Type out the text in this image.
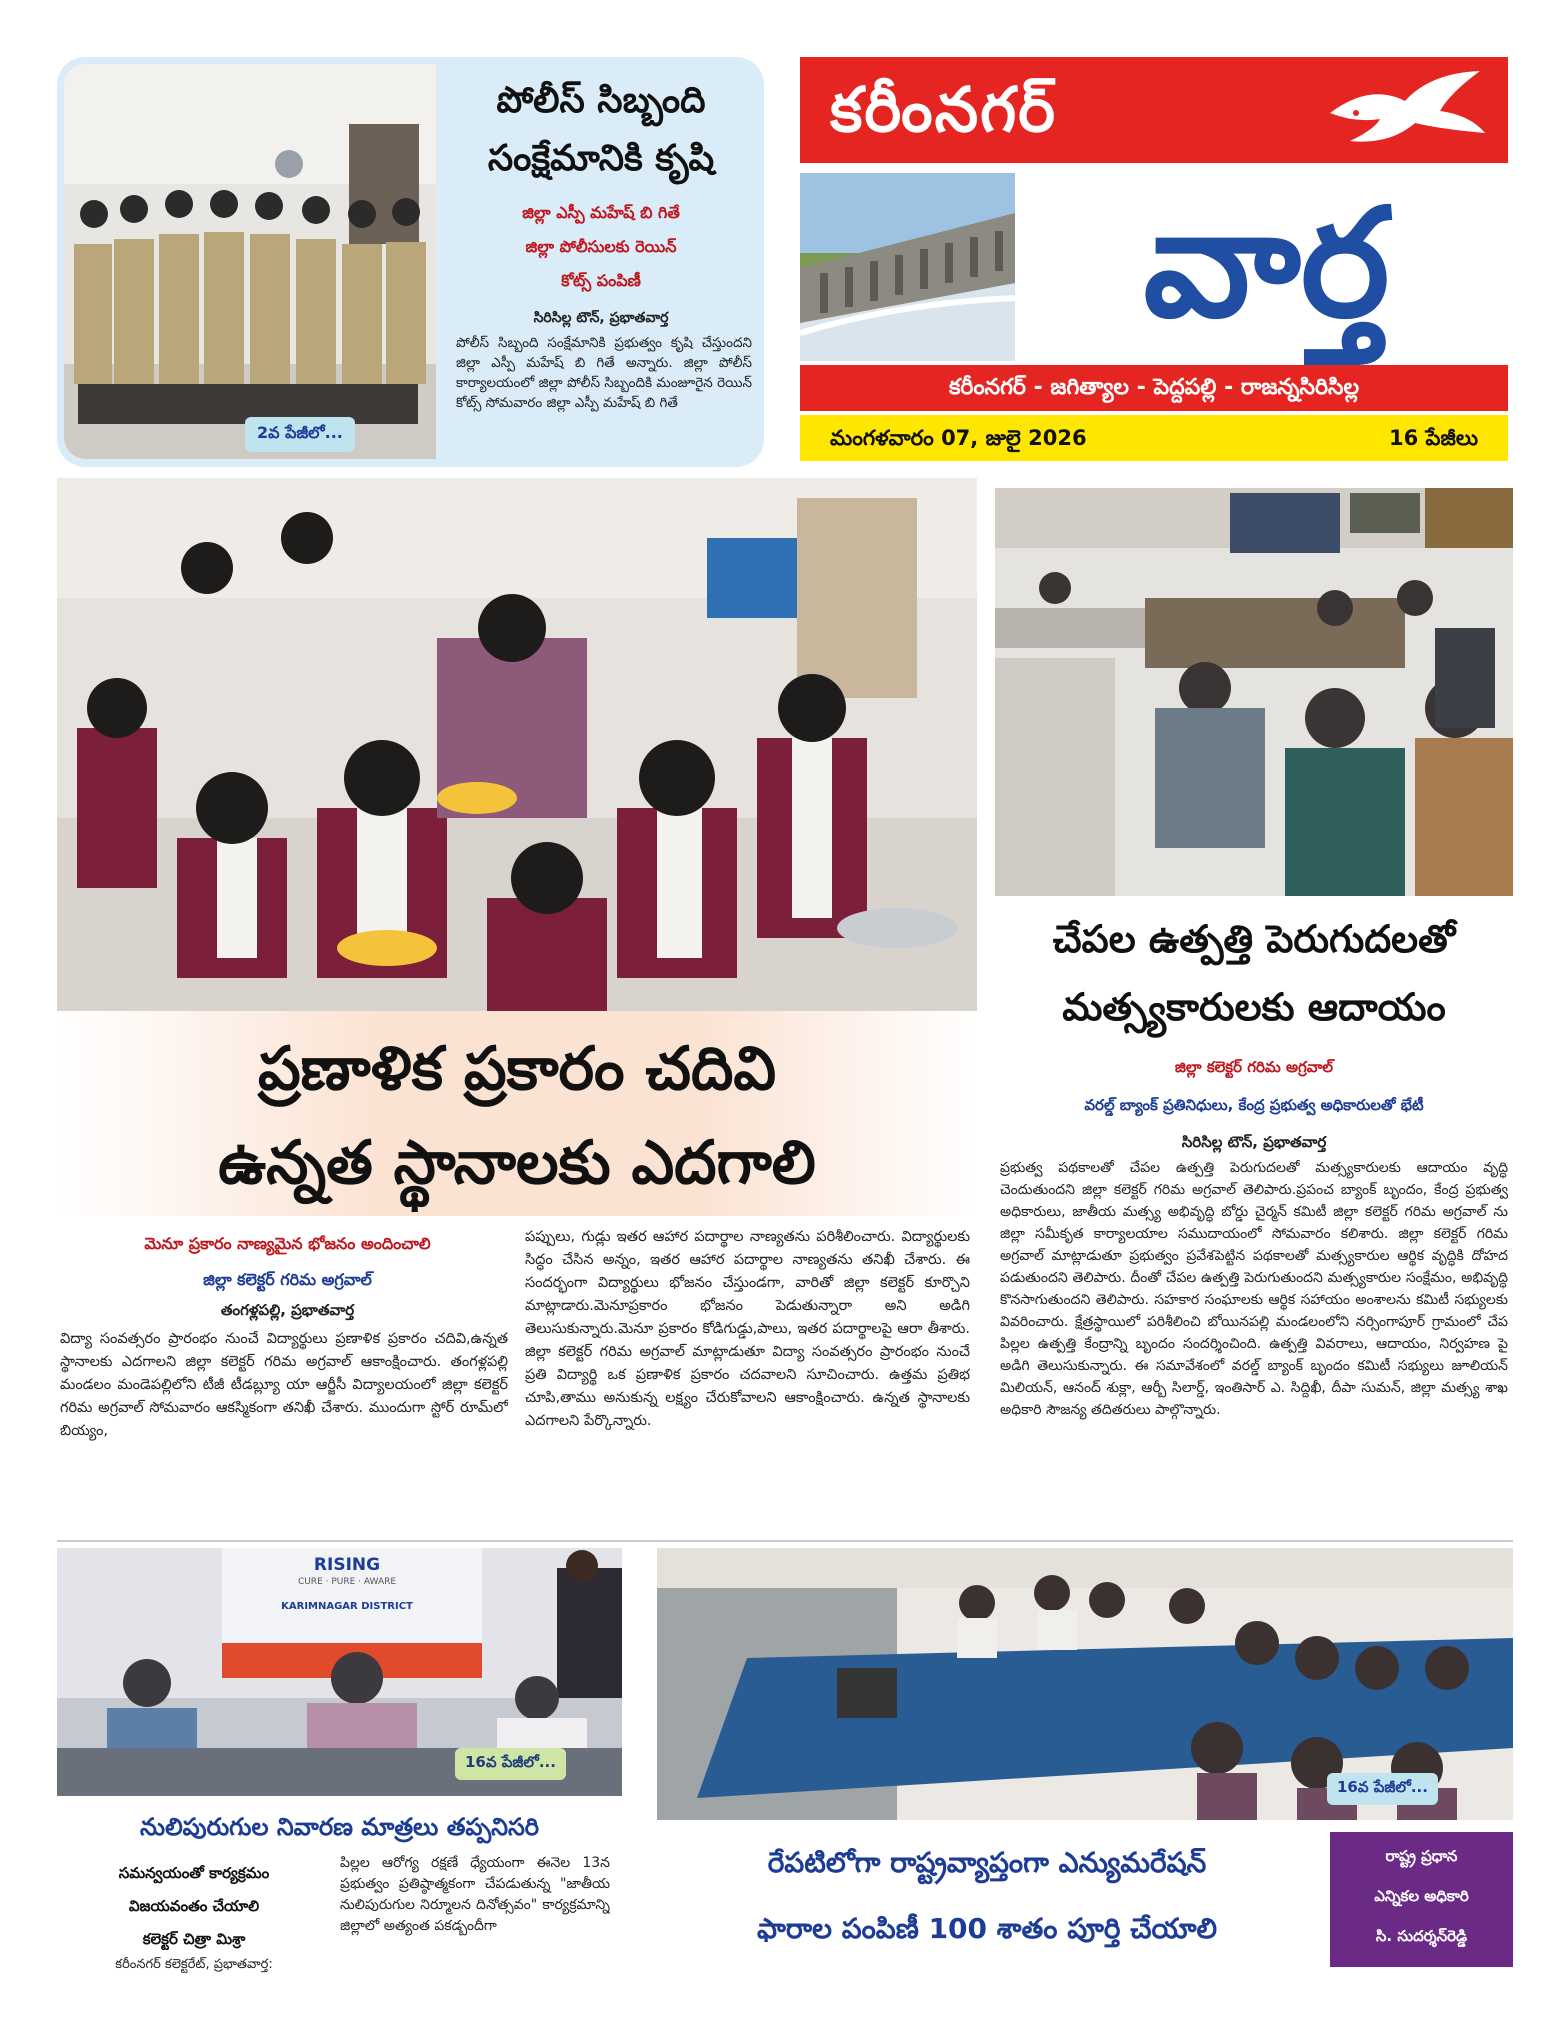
2వ పేజీలో...
పోలీస్ సిబ్బంది
సంక్షేమానికి కృషి
జిల్లా ఎస్పీ మహేష్ బి గితే
జిల్లా పోలీసులకు రెయిన్
కోట్స్ పంపిణీ
సిరిసిల్ల టౌన్, ప్రభాతవార్త
పోలీస్ సిబ్బంది సంక్షేమానికి ప్రభుత్వం కృషి చేస్తుందని జిల్లా ఎస్పీ మహేష్ బి గితే అన్నారు. జిల్లా పోలీస్ కార్యాలయంలో జిల్లా పోలీస్ సిబ్బందికి మంజూరైన రెయిన్ కోట్స్ సోమవారం జిల్లా ఎస్పీ మహేష్ బి గితే
కరీంనగర్
వార్త
కరీంనగర్ - జగిత్యాల - పెద్దపల్లి - రాజన్నసిరిసిల్ల
మంగళవారం 07, జులై 2026	16 పేజీలు
ప్రణాళిక ప్రకారం చదివి
ఉన్నత స్థానాలకు ఎదగాలి
మెనూ ప్రకారం నాణ్యమైన భోజనం అందించాలి
జిల్లా కలెక్టర్ గరిమ అగ్రవాల్
తంగళ్లపల్లి, ప్రభాతవార్త
విద్యా సంవత్సరం ప్రారంభం నుంచే విద్యార్థులు ప్రణాళిక ప్రకారం చదివి,ఉన్నత స్థానాలకు ఎదగాలని జిల్లా కలెక్టర్ గరిమ అగ్రవాల్ ఆకాంక్షించారు. తంగళ్లపల్లి మండలం మండెపల్లిలోని టీజీ టీడబ్ల్యూ యా ఆర్జీసీ విద్యాలయంలో జిల్లా కలెక్టర్ గరిమ అగ్రవాల్ సోమవారం ఆకస్మికంగా తనిఖీ చేశారు. ముందుగా స్టోర్ రూమ్‌లో బియ్యం,
పప్పులు, గుడ్లు ఇతర ఆహార పదార్థాల నాణ్యతను పరిశీలించారు. విద్యార్థులకు సిద్ధం చేసిన అన్నం, ఇతర ఆహార పదార్థాల నాణ్యతను తనిఖీ చేశారు. ఈ సందర్భంగా విద్యార్థులు భోజనం చేస్తుండగా, వారితో జిల్లా కలెక్టర్ కూర్చొని మాట్లాడారు.మెనూప్రకారం భోజనం పెడుతున్నారా అని అడిగి తెలుసుకున్నారు.మెనూ ప్రకారం కోడిగుడ్డు,పాలు, ఇతర పదార్థాలపై ఆరా తీశారు. జిల్లా కలెక్టర్ గరిమ అగ్రవాల్ మాట్లాడుతూ విద్యా సంవత్సరం ప్రారంభం నుంచే ప్రతి విద్యార్థి ఒక ప్రణాళిక ప్రకారం చదవాలని సూచించారు. ఉత్తమ ప్రతిభ చూపి,తాము అనుకున్న లక్ష్యం చేరుకోవాలని ఆకాంక్షించారు. ఉన్నత స్థానాలకు ఎదగాలని పేర్కొన్నారు.
చేపల ఉత్పత్తి పెరుగుదలతో
మత్స్యకారులకు ఆదాయం
జిల్లా కలెక్టర్ గరిమ అగ్రవాల్
వరల్డ్ బ్యాంక్ ప్రతినిధులు, కేంద్ర ప్రభుత్వ అధికారులతో భేటీ
సిరిసిల్ల టౌన్, ప్రభాతవార్త
ప్రభుత్వ పథకాలతో చేపల ఉత్పత్తి పెరుగుదలతో మత్స్యకారులకు ఆదాయం వృద్ధి చెందుతుందని జిల్లా కలెక్టర్ గరిమ అగ్రవాల్ తెలిపారు.ప్రపంచ బ్యాంక్ బృందం, కేంద్ర ప్రభుత్వ అధికారులు, జాతీయ మత్స్య అభివృద్ధి బోర్డు చైర్మన్ కమిటీ జిల్లా కలెక్టర్ గరిమ అగ్రవాల్ ను జిల్లా సమీకృత కార్యాలయాల సముదాయంలో సోమవారం కలిశారు. జిల్లా కలెక్టర్ గరిమ అగ్రవాల్ మాట్లాడుతూ ప్రభుత్వం ప్రవేశపెట్టిన పథకాలతో మత్స్యకారుల ఆర్థిక వృద్ధికి దోహద పడుతుందని తెలిపారు. దీంతో చేపల ఉత్పత్తి పెరుగుతుందని మత్స్యకారుల సంక్షేమం, అభివృద్ధి కొనసాగుతుందని తెలిపారు. సహకార సంఘాలకు ఆర్థిక సహాయం అంశాలను కమిటీ సభ్యులకు వివరించారు. క్షేత్రస్థాయిలో పరిశీలించి బోయినపల్లి మండలంలోని నర్సింగాపూర్ గ్రామంలో చేప పిల్లల ఉత్పత్తి కేంద్రాన్ని బృందం సందర్శించింది. ఉత్పత్తి వివరాలు, ఆదాయం, నిర్వహణ పై అడిగి తెలుసుకున్నారు. ఈ సమావేశంలో వరల్డ్ బ్యాంక్ బృందం కమిటీ సభ్యులు జూలియన్ మిలియన్, ఆనంద్ శుక్లా, ఆర్బీ సిలార్డ్, ఇంతిసార్ ఎ. సిద్దిఖీ, దీపా సుమన్, జిల్లా మత్స్య శాఖ అధికారి సౌజన్య తదితరులు పాల్గొన్నారు.
RISING
CURE · PURE · AWARE
KARIMNAGAR DISTRICT
16వ పేజీలో...
నులిపురుగుల నివారణ మాత్రలు తప్పనిసరి
సమన్వయంతో కార్యక్రమం
విజయవంతం చేయాలి
కలెక్టర్ చిత్రా మిశ్రా
కరీంనగర్ కలెక్టరేట్, ప్రభాతవార్త:
పిల్లల ఆరోగ్య రక్షణే ధ్యేయంగా ఈనెల 13న ప్రభుత్వం ప్రతిష్ఠాత్మకంగా చేపడుతున్న "జాతీయ నులిపురుగుల నిర్మూలన దినోత్సవం" కార్యక్రమాన్ని జిల్లాలో అత్యంత పకడ్బందీగా
16వ పేజీలో...
రేపటిలోగా రాష్ట్రవ్యాప్తంగా ఎన్యుమరేషన్
ఫారాల పంపిణీ 100 శాతం పూర్తి చేయాలి
రాష్ట్ర ప్రధాన
ఎన్నికల అధికారి
సి. సుదర్శన్‌రెడ్డి
